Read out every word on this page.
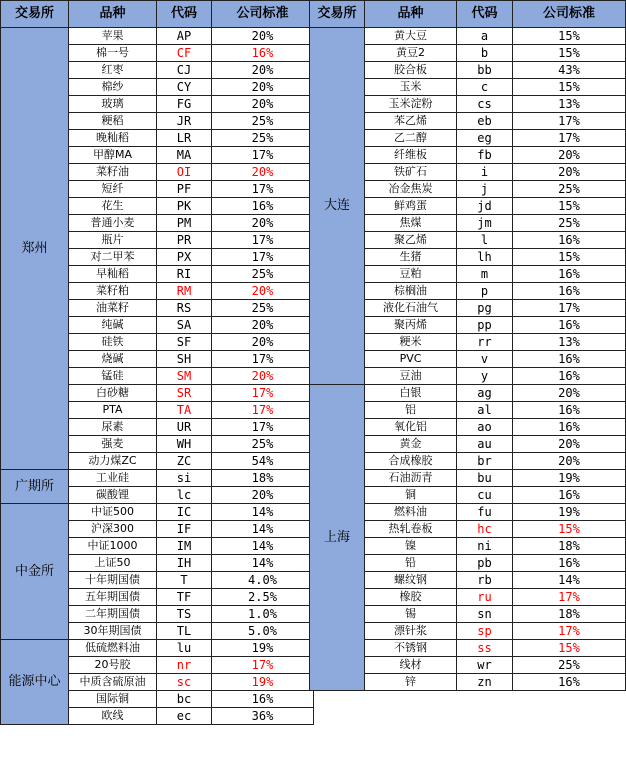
交易所	品种	代码	公司标准
郑州	苹果	AP	20%
	棉一号	CF	16%
	红枣	CJ	20%
	棉纱	CY	20%
	玻璃	FG	20%
	粳稻	JR	25%
	晚籼稻	LR	25%
	甲醇MA	MA	17%
	菜籽油	OI	20%
	短纤	PF	17%
	花生	PK	16%
	普通小麦	PM	20%
	瓶片	PR	17%
	对二甲苯	PX	17%
	早籼稻	RI	25%
	菜籽粕	RM	20%
	油菜籽	RS	25%
	纯碱	SA	20%
	硅铁	SF	20%
	烧碱	SH	17%
	锰硅	SM	20%
	白砂糖	SR	17%
	PTA	TA	17%
	尿素	UR	17%
	强麦	WH	25%
	动力煤ZC	ZC	54%
广期所	工业硅	si	18%
	碳酸锂	lc	20%
中金所	中证500	IC	14%
	沪深300	IF	14%
	中证1000	IM	14%
	上证50	IH	14%
	十年期国债	T	4.0%
	五年期国债	TF	2.5%
	二年期国债	TS	1.0%
	30年期国债	TL	5.0%
能源中心	低硫燃料油	lu	19%
	20号胶	nr	17%
	中质含硫原油	sc	19%
	国际铜	bc	16%
	欧线	ec	36%
交易所	品种	代码	公司标准
大连	黄大豆	a	15%
	黄豆2	b	15%
	胶合板	bb	43%
	玉米	c	15%
	玉米淀粉	cs	13%
	苯乙烯	eb	17%
	乙二醇	eg	17%
	纤维板	fb	20%
	铁矿石	i	20%
	冶金焦炭	j	25%
	鲜鸡蛋	jd	15%
	焦煤	jm	25%
	聚乙烯	l	16%
	生猪	lh	15%
	豆粕	m	16%
	棕榈油	p	16%
	液化石油气	pg	17%
	聚丙烯	pp	16%
	粳米	rr	13%
	PVC	v	16%
	豆油	y	16%
上海	白银	ag	20%
	铝	al	16%
	氧化铝	ao	16%
	黄金	au	20%
	合成橡胶	br	20%
	石油沥青	bu	19%
	铜	cu	16%
	燃料油	fu	19%
	热轧卷板	hc	15%
	镍	ni	18%
	铅	pb	16%
	螺纹钢	rb	14%
	橡胶	ru	17%
	锡	sn	18%
	漂针浆	sp	17%
	不锈钢	ss	15%
	线材	wr	25%
	锌	zn	16%
